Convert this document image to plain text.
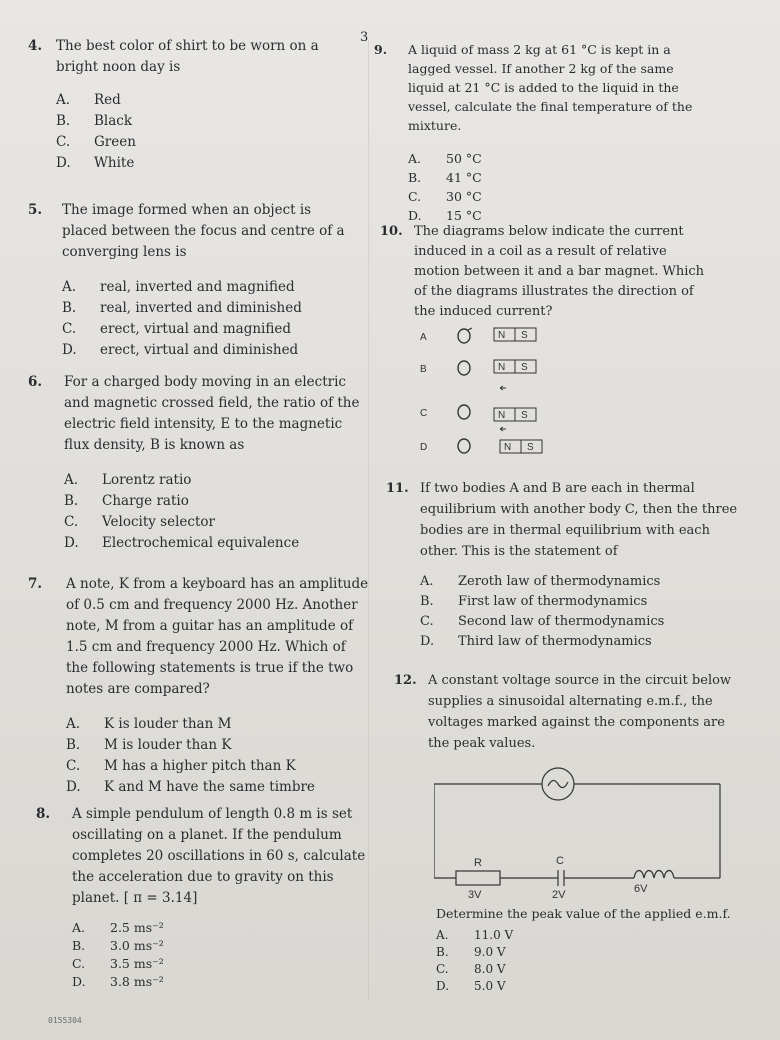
3
4. The best color of shirt to be worn on a bright noon day is

A.	Red
B.	Black
C.	Green
D.	White
5. The image formed when an object is placed between the focus and centre of a converging lens is

A.	real, inverted and magnified
B.	real, inverted and diminished
C.	erect, virtual and magnified
D.	erect, virtual and diminished
6. For a charged body moving in an electric and magnetic crossed field, the ratio of the electric field intensity, E to the magnetic flux density, B is known as

A.	Lorentz ratio
B.	Charge ratio
C.	Velocity selector
D.	Electrochemical equivalence
7. A note, K from a keyboard has an amplitude of 0.5 cm and frequency 2000 Hz. Another note, M from a guitar has an amplitude of 1.5 cm and frequency 2000 Hz. Which of the following statements is true if the two notes are compared?

A.	K is louder than M
B.	M is louder than K
C.	M has a higher pitch than K
D.	K and M have the same timbre
8. A simple pendulum of length 0.8 m is set oscillating on a planet. If the pendulum completes 20 oscillations in 60 s, calculate the acceleration due to gravity on this planet. [ π = 3.14]

A.	2.5 ms⁻²
B.	3.0 ms⁻²
C.	3.5 ms⁻²
D.	3.8 ms⁻²
9. A liquid of mass 2 kg at 61 °C is kept in a lagged vessel. If another 2 kg of the same liquid at 21 °C is added to the liquid in the vessel, calculate the final temperature of the mixture.

A.	50 °C
B.	41 °C
C.	30 °C
D.	15 °C
10. The diagrams below indicate the current induced in a coil as a result of relative motion between it and a bar magnet. Which of the diagrams illustrates the direction of the induced current?

A	N S
B	N S
C	N S
D	N S
11. If two bodies A and B are each in thermal equilibrium with another body C, then the three bodies are in thermal equilibrium with each other. This is the statement of

A.	Zeroth law of thermodynamics
B.	First law of thermodynamics
C.	Second law of thermodynamics
D.	Third law of thermodynamics
12. A constant voltage source in the circuit below supplies a sinusoidal alternating e.m.f., the voltages marked against the components are the peak values.

R	C
3V	2V	6V

Determine the peak value of the applied e.m.f.

A.	11.0 V
B.	9.0 V
C.	8.0 V
D.	5.0 V
0155304
